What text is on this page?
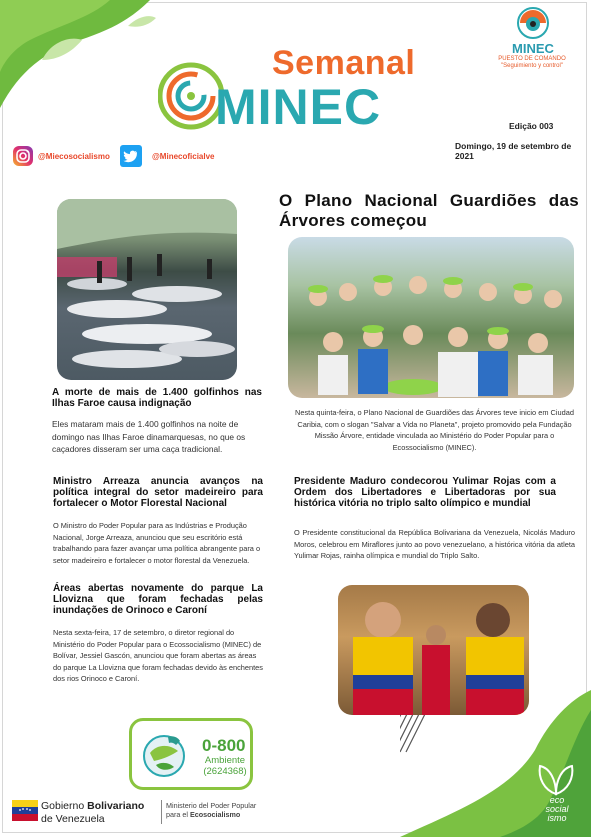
Semanal
MINEC
MINEC
PUESTO DE COMANDO
"Seguimiento y control"
Edição 003
Domingo, 19 de setembro de 2021
@Miecosocialismo	@Minecoficialve
O Plano Nacional Guardiões das Árvores começou
A morte de mais de 1.400 golfinhos nas Ilhas Faroe causa indignação
Eles mataram mais de 1.400 golfinhos na noite de domingo nas Ilhas Faroe dinamarquesas, no que os caçadores disseram ser uma caça tradicional.
Nesta quinta-feira, o Plano Nacional de Guardiões das Árvores teve inicio em Ciudad Caribia, com o slogan "Salvar a Vida no Planeta", projeto promovido pela Fundação Missão Árvore, entidade vinculada ao Ministério do Poder Popular para o Ecossocialismo (MINEC).
Ministro Arreaza anuncia avanços na política integral do setor madeireiro para fortalecer o Motor Florestal Nacional
O Ministro do Poder Popular para as Indústrias e Produção Nacional, Jorge Arreaza, anunciou que seu escritório está trabalhando para fazer avançar uma política abrangente para o setor madeireiro e fortalecer o motor florestal da Venezuela.
Presidente Maduro condecorou Yulimar Rojas com a Ordem dos Libertadores e Libertadoras por sua histórica vitória no triplo salto olímpico e mundial
O Presidente constitucional da República Bolivariana da Venezuela, Nicolás Maduro Moros, celebrou em Miraflores junto ao povo venezuelano, a histórica vitória da atleta Yulimar Rojas, rainha olímpica e mundial do Triplo Salto.
Áreas abertas novamente do parque La Llovizna que foram fechadas pelas inundações de Orinoco e Caroní
Nesta sexta-feira, 17 de setembro, o diretor regional do Ministério do Poder Popular para o Ecossocialismo (MINEC) de Bolívar, Jessiel Gascón, anunciou que foram abertas as áreas do parque La Llovizna que foram fechadas devido às enchentes dos rios Orinoco e Caroní.
0-800
Ambiente
(2624368)
Gobierno Bolivariano
de Venezuela
Ministerio del Poder Popular
para el Ecosocialismo
eco social ismo
